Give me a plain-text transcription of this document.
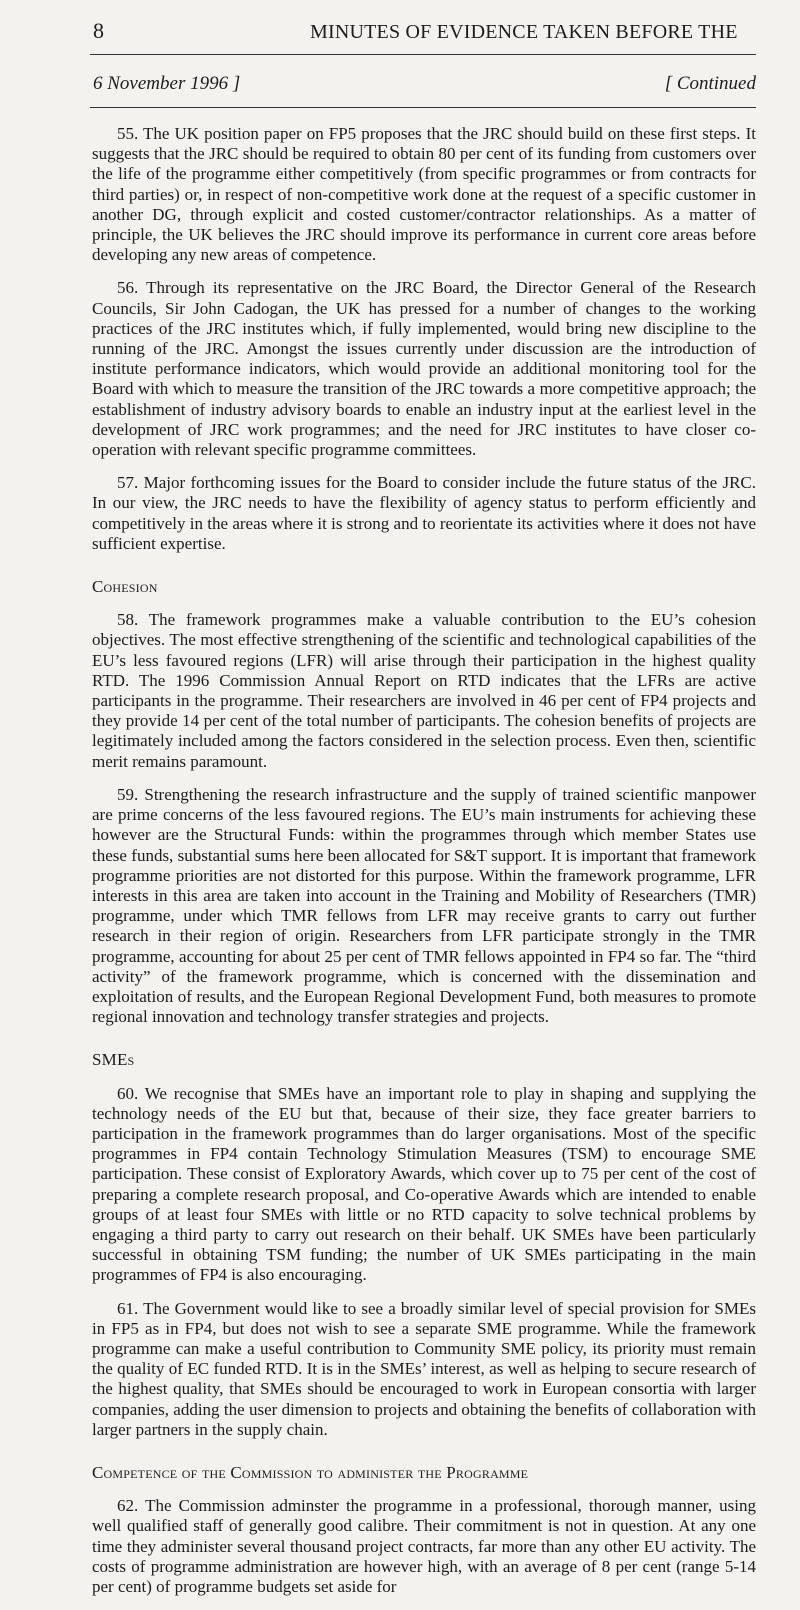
8	MINUTES OF EVIDENCE TAKEN BEFORE THE
6 November 1996 ]	[ Continued

55. The UK position paper on FP5 proposes that the JRC should build on these first steps. It suggests that the JRC should be required to obtain 80 per cent of its funding from customers over the life of the programme either competitively (from specific programmes or from contracts for third parties) or, in respect of non-competitive work done at the request of a specific customer in another DG, through explicit and costed customer/contractor relationships. As a matter of principle, the UK believes the JRC should improve its performance in current core areas before developing any new areas of competence.

56. Through its representative on the JRC Board, the Director General of the Research Councils, Sir John Cadogan, the UK has pressed for a number of changes to the working practices of the JRC institutes which, if fully implemented, would bring new discipline to the running of the JRC. Amongst the issues currently under discussion are the introduction of institute performance indicators, which would provide an additional monitoring tool for the Board with which to measure the transition of the JRC towards a more competitive approach; the establishment of industry advisory boards to enable an industry input at the earliest level in the development of JRC work programmes; and the need for JRC institutes to have closer co-operation with relevant specific programme committees.

57. Major forthcoming issues for the Board to consider include the future status of the JRC. In our view, the JRC needs to have the flexibility of agency status to perform efficiently and competitively in the areas where it is strong and to reorientate its activities where it does not have sufficient expertise.

Cohesion

58. The framework programmes make a valuable contribution to the EU’s cohesion objectives. The most effective strengthening of the scientific and technological capabilities of the EU’s less favoured regions (LFR) will arise through their participation in the highest quality RTD. The 1996 Commission Annual Report on RTD indicates that the LFRs are active participants in the programme. Their researchers are involved in 46 per cent of FP4 projects and they provide 14 per cent of the total number of participants. The cohesion benefits of projects are legitimately included among the factors considered in the selection process. Even then, scientific merit remains paramount.

59. Strengthening the research infrastructure and the supply of trained scientific manpower are prime concerns of the less favoured regions. The EU’s main instruments for achieving these however are the Structural Funds: within the programmes through which member States use these funds, substantial sums here been allocated for S&T support. It is important that framework programme priorities are not distorted for this purpose. Within the framework programme, LFR interests in this area are taken into account in the Training and Mobility of Researchers (TMR) programme, under which TMR fellows from LFR may receive grants to carry out further research in their region of origin. Researchers from LFR participate strongly in the TMR programme, accounting for about 25 per cent of TMR fellows appointed in FP4 so far. The “third activity” of the framework programme, which is concerned with the dissemination and exploitation of results, and the European Regional Development Fund, both measures to promote regional innovation and technology transfer strategies and projects.

SMEs

60. We recognise that SMEs have an important role to play in shaping and supplying the technology needs of the EU but that, because of their size, they face greater barriers to participation in the framework programmes than do larger organisations. Most of the specific programmes in FP4 contain Technology Stimulation Measures (TSM) to encourage SME participation. These consist of Exploratory Awards, which cover up to 75 per cent of the cost of preparing a complete research proposal, and Co-operative Awards which are intended to enable groups of at least four SMEs with little or no RTD capacity to solve technical problems by engaging a third party to carry out research on their behalf. UK SMEs have been particularly successful in obtaining TSM funding; the number of UK SMEs participating in the main programmes of FP4 is also encouraging.

61. The Government would like to see a broadly similar level of special provision for SMEs in FP5 as in FP4, but does not wish to see a separate SME programme. While the framework programme can make a useful contribution to Community SME policy, its priority must remain the quality of EC funded RTD. It is in the SMEs’ interest, as well as helping to secure research of the highest quality, that SMEs should be encouraged to work in European consortia with larger companies, adding the user dimension to projects and obtaining the benefits of collaboration with larger partners in the supply chain.

Competence of the Commission to administer the Programme

62. The Commission adminster the programme in a professional, thorough manner, using well qualified staff of generally good calibre. Their commitment is not in question. At any one time they administer several thousand project contracts, far more than any other EU activity. The costs of programme administration are however high, with an average of 8 per cent (range 5-14 per cent) of programme budgets set aside for
